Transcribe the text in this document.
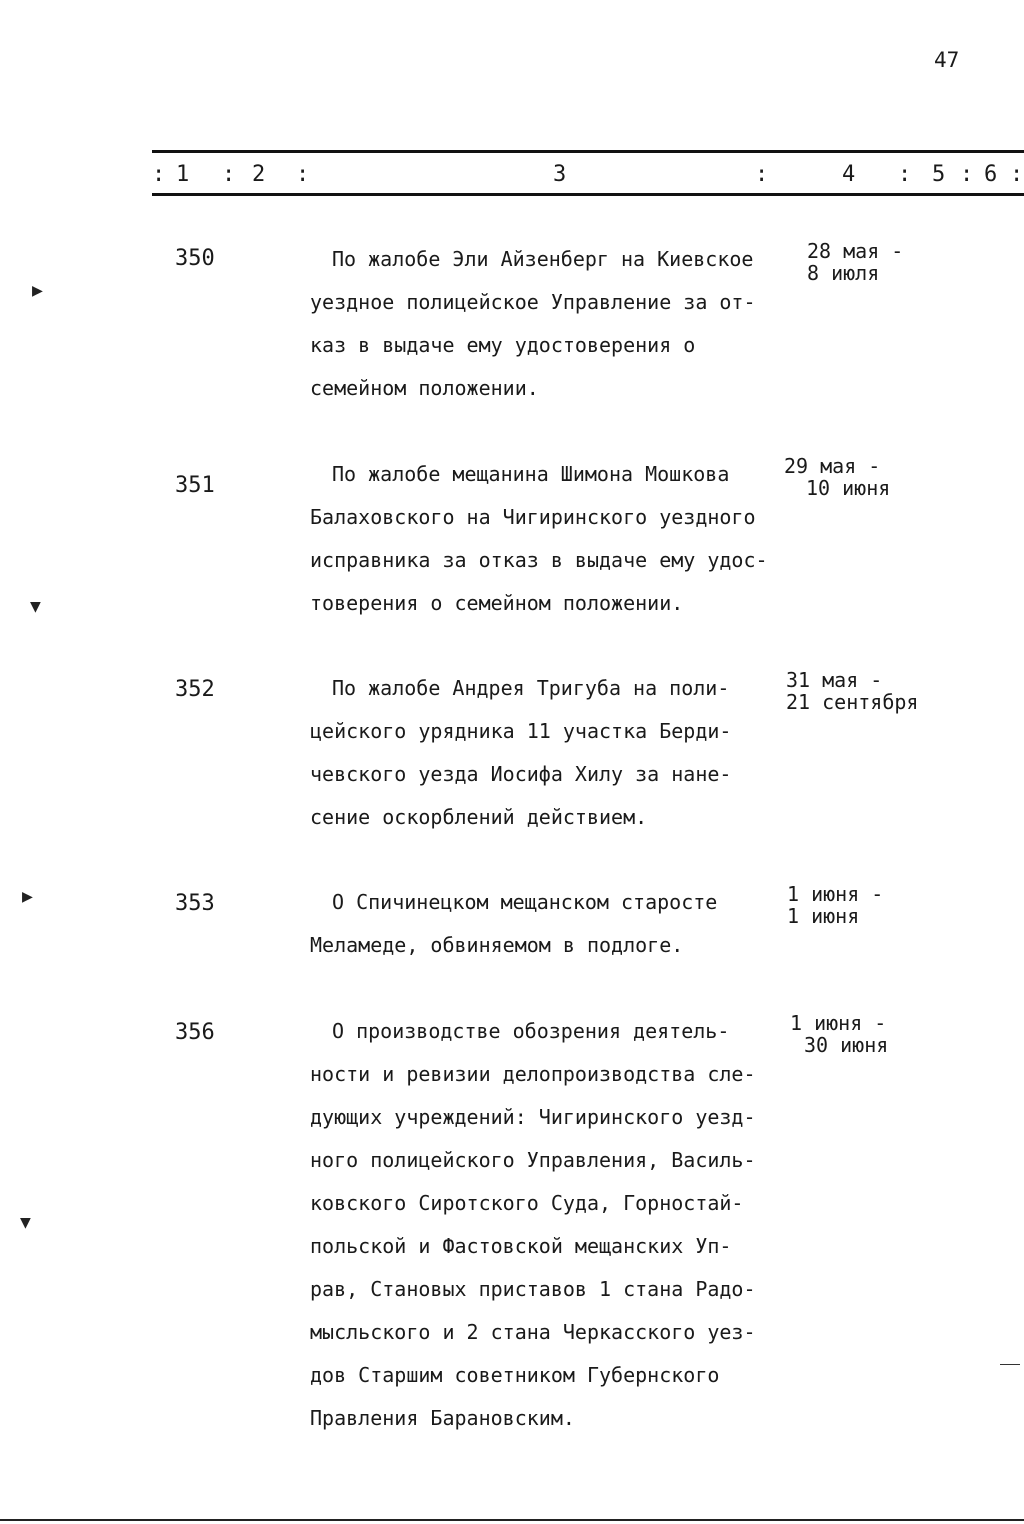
47
: 1 : 2 :	3	:	4 : 5 : 6 :
350	По жалобе Эли Айзенберг на Киевское
уездное полицейское Управление за от-
каз в выдаче ему удостоверения о
семейном положении.
28 мая -
8 июля
351	По жалобе мещанина Шимона Мошкова
Балаховского на Чигиринского уездного
исправника за отказ в выдаче ему удос-
товерения о семейном положении.
29 мая -
10 июня
352	По жалобе Андрея Тригуба на поли-
цейского урядника 11 участка Берди-
чевского уезда Иосифа Хилу за нане-
сение оскорблений действием.
31 мая -
21 сентября
353	О Спичинецком мещанском старосте
Меламеде, обвиняемом в подлоге.
1 июня -
1 июня
356	О производстве обозрения деятель-
ности и ревизии делопроизводства сле-
дующих учреждений: Чигиринского уезд-
ного полицейского Управления, Василь-
ковского Сиротского Суда, Горностай-
польской и Фастовской мещанских Уп-
рав, Становых приставов 1 стана Радо-
мысльского и 2 стана Черкасского уез-
дов Старшим советником Губернского
Правления Барановским.
1 июня -
30 июня
▶
▼
▶
▼
